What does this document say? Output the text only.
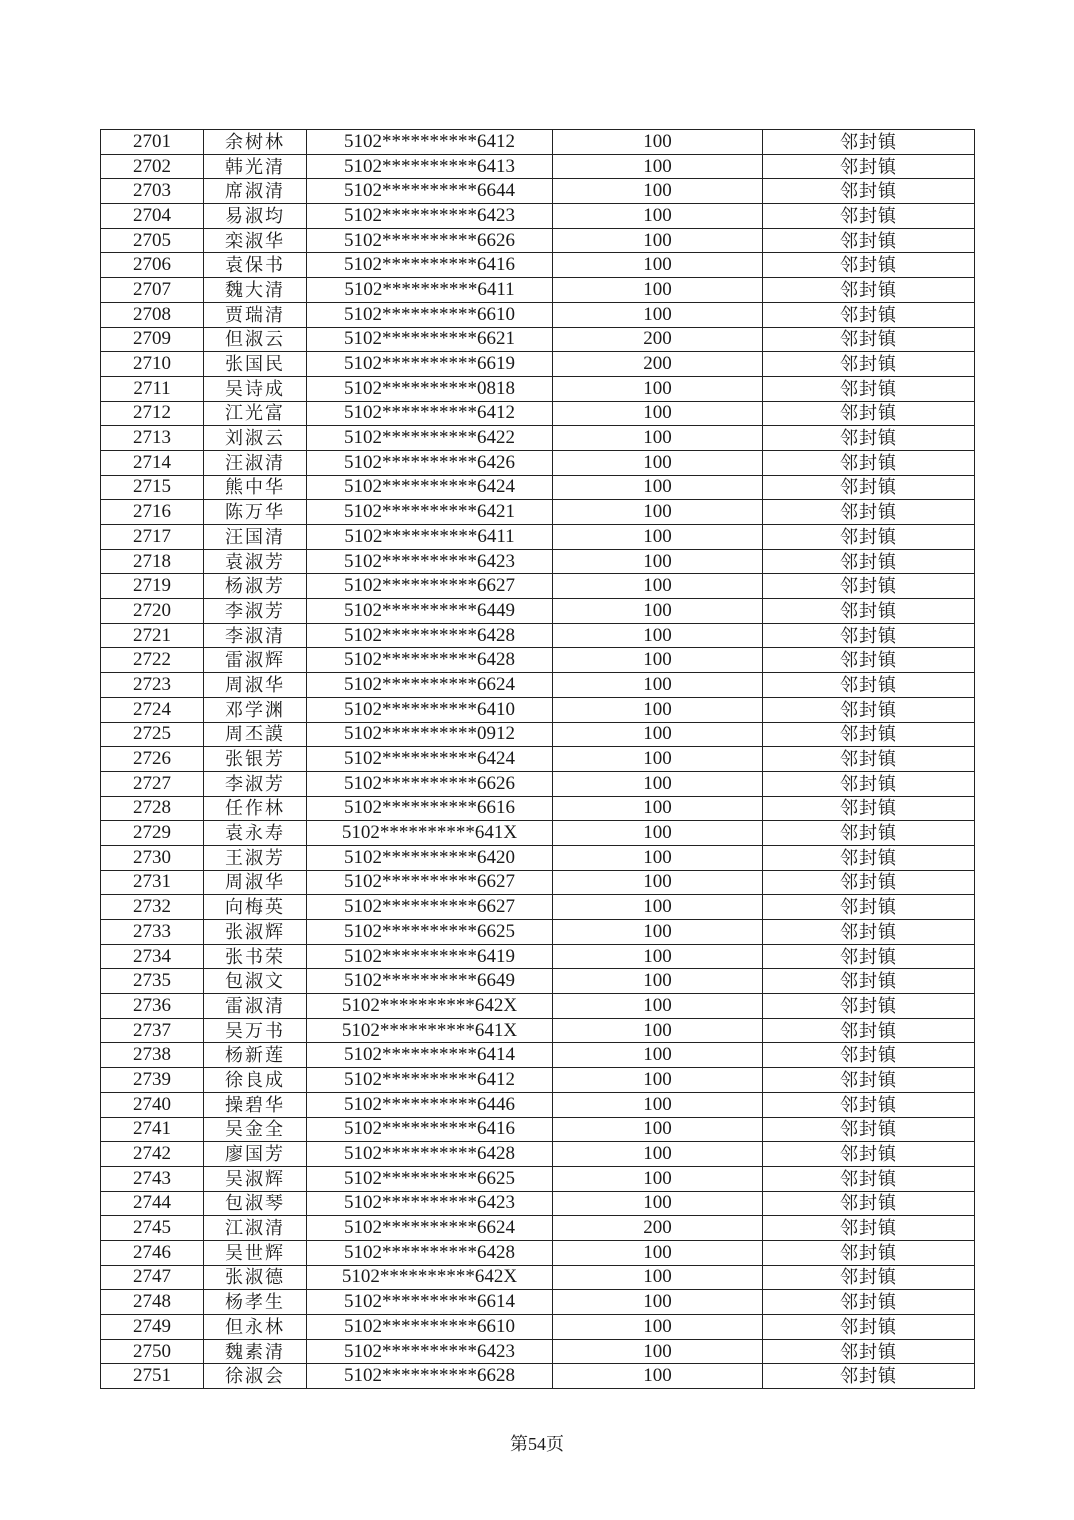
2701	余树林	5102**********6412	100	邻封镇
2702	韩光清	5102**********6413	100	邻封镇
2703	席淑清	5102**********6644	100	邻封镇
2704	易淑均	5102**********6423	100	邻封镇
2705	栾淑华	5102**********6626	100	邻封镇
2706	袁保书	5102**********6416	100	邻封镇
2707	魏大清	5102**********6411	100	邻封镇
2708	贾瑞清	5102**********6610	100	邻封镇
2709	但淑云	5102**********6621	200	邻封镇
2710	张国民	5102**********6619	200	邻封镇
2711	吴诗成	5102**********0818	100	邻封镇
2712	江光富	5102**********6412	100	邻封镇
2713	刘淑云	5102**********6422	100	邻封镇
2714	汪淑清	5102**********6426	100	邻封镇
2715	熊中华	5102**********6424	100	邻封镇
2716	陈万华	5102**********6421	100	邻封镇
2717	汪国清	5102**********6411	100	邻封镇
2718	袁淑芳	5102**********6423	100	邻封镇
2719	杨淑芳	5102**********6627	100	邻封镇
2720	李淑芳	5102**********6449	100	邻封镇
2721	李淑清	5102**********6428	100	邻封镇
2722	雷淑辉	5102**********6428	100	邻封镇
2723	周淑华	5102**********6624	100	邻封镇
2724	邓学渊	5102**********6410	100	邻封镇
2725	周丕謨	5102**********0912	100	邻封镇
2726	张银芳	5102**********6424	100	邻封镇
2727	李淑芳	5102**********6626	100	邻封镇
2728	任作林	5102**********6616	100	邻封镇
2729	袁永寿	5102**********641X	100	邻封镇
2730	王淑芳	5102**********6420	100	邻封镇
2731	周淑华	5102**********6627	100	邻封镇
2732	向梅英	5102**********6627	100	邻封镇
2733	张淑辉	5102**********6625	100	邻封镇
2734	张书荣	5102**********6419	100	邻封镇
2735	包淑文	5102**********6649	100	邻封镇
2736	雷淑清	5102**********642X	100	邻封镇
2737	吴万书	5102**********641X	100	邻封镇
2738	杨新莲	5102**********6414	100	邻封镇
2739	徐良成	5102**********6412	100	邻封镇
2740	操碧华	5102**********6446	100	邻封镇
2741	吴金全	5102**********6416	100	邻封镇
2742	廖国芳	5102**********6428	100	邻封镇
2743	吴淑辉	5102**********6625	100	邻封镇
2744	包淑琴	5102**********6423	100	邻封镇
2745	江淑清	5102**********6624	200	邻封镇
2746	吴世辉	5102**********6428	100	邻封镇
2747	张淑德	5102**********642X	100	邻封镇
2748	杨孝生	5102**********6614	100	邻封镇
2749	但永林	5102**********6610	100	邻封镇
2750	魏素清	5102**********6423	100	邻封镇
2751	徐淑会	5102**********6628	100	邻封镇
第54页
